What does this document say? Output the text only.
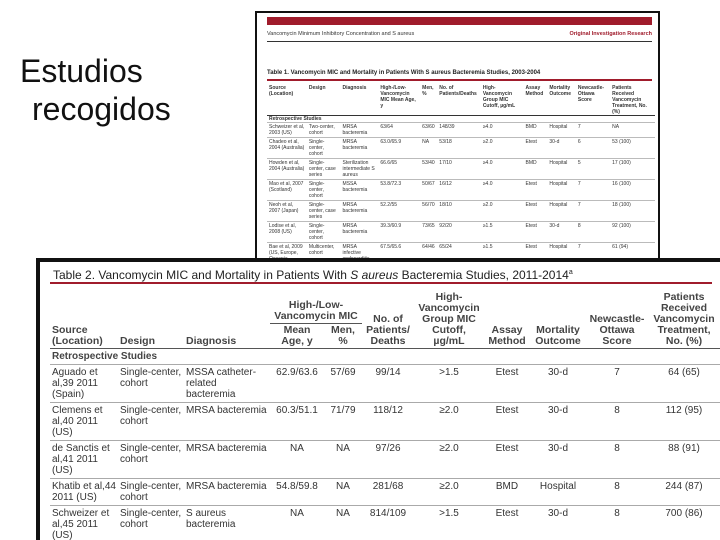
Estudios
recogidos
Vancomycin Minimum Inhibitory Concentration and S aureus	Original Investigation Research
Table 1. Vancomycin MIC and Mortality in Patients With S aureus Bacteremia Studies, 2003-2004
Source (Location)	Design	Diagnosis	High-/Low-Vancomycin MIC Mean Age, y	Men, %	No. of Patients/Deaths	High-Vancomycin Group MIC Cutoff, µg/mL	Assay Method	Mortality Outcome	Newcastle-Ottawa Score	Patients Received Vancomycin Treatment, No. (%)
Retrospective Studies										
Schweizer et al, 2003 (US)	Two-center, cohort	MRSA bacteremia	63/64	63/60	148/39	≥4.0	BMD	Hospital	7	NA
Chadeo et al, 2004 (Australia)	Single-center, cohort	MRSA bacteremia	63.0/65.9	NA	53/18	≥2.0	Etest	30-d	6	53 (100)
Howden et al, 2004 (Australia)	Single-center, case series	Sterilization intermediate S aureus	66.6/65	53/40	17/10	≥4.0	BMD	Hospital	5	17 (100)
Mao et al, 2007 (Scotland)	Single-center, cohort	MSSA bacteremia	53.8/72.3	50/67	16/12	≥4.0	Etest	Hospital	7	16 (100)
Neoh et al, 2007 (Japan)	Single-center, case series	MRSA bacteremia	52.2/55	56/70	18/10	≥2.0	Etest	Hospital	7	18 (100)
Lodise et al, 2008 (US)	Single-center, cohort	MRSA bacteremia	39.3/60.9	73/65	92/20	≥1.5	Etest	30-d	8	92 (100)
Bae et al, 2009 (US, Europe,	Multicenter, cohort	MRSA infective	67.5/65.6	64/46	65/24	≥1.5	Etest	Hospital	7	61 (94)
Table 2. Vancomycin MIC and Mortality in Patients With S aureus Bacteremia Studies, 2011-2014$^a$
Source (Location)	Design	Diagnosis	High-/Low-Vancomycin MIC		No. of Patients/ Deaths	High-Vancomycin Group MIC Cutoff, µg/mL	Assay Method	Mortality Outcome	Newcastle-Ottawa Score	Patients Received Vancomycin Treatment, No. (%)
			Mean Age, y	Men, %						
Retrospective Studies										
Aguado et al,39 2011 (Spain)	Single-center, cohort	MSSA catheter-related bacteremia	62.9/63.6	57/69	99/14	>1.5	Etest	30-d	7	64 (65)
Clemens et al,40 2011 (US)	Single-center, cohort	MRSA bacteremia	60.3/51.1	71/79	118/12	≥2.0	Etest	30-d	8	112 (95)
de Sanctis et al,41 2011 (US)	Single-center, cohort	MRSA bacteremia	NA	NA	97/26	≥2.0	Etest	30-d	8	88 (91)
Khatib et al,44 2011 (US)	Single-center, cohort	MRSA bacteremia	54.8/59.8	NA	281/68	≥2.0	BMD	Hospital	8	244 (87)
Schweizer et al,45 2011 (US)	Single-center, cohort	S aureus bacteremia	NA	NA	814/109	>1.5	Etest	30-d	8	700 (86)
